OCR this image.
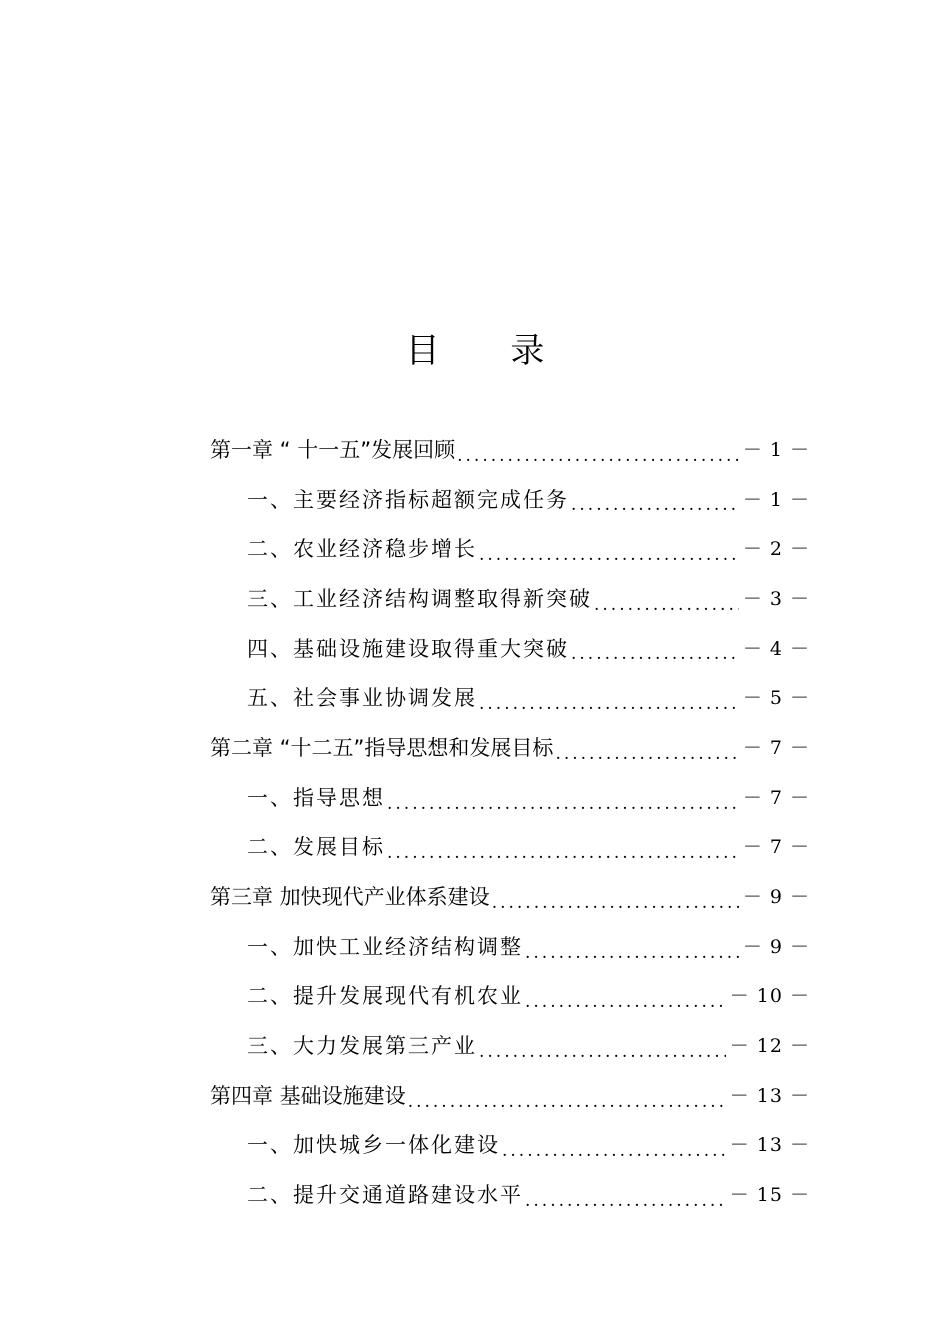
目 录
第一章 “ 十一五”发展回顾 .....	－ 1 －
一、主要经济指标超额完成任务 .....	－ 1 －
二、农业经济稳步增长 .....	－ 2 －
三、工业经济结构调整取得新突破 .....	－ 3 －
四、基础设施建设取得重大突破 .....	－ 4 －
五、社会事业协调发展 .....	－ 5 －
第二章 “十二五”指导思想和发展目标 .....	－ 7 －
一、指导思想 .....	－ 7 －
二、发展目标 .....	－ 7 －
第三章 加快现代产业体系建设 .....	－ 9 －
一、加快工业经济结构调整 .....	－ 9 －
二、提升发展现代有机农业 .....	－ 10 －
三、大力发展第三产业 .....	－ 12 －
第四章 基础设施建设 .....	－ 13 －
一、加快城乡一体化建设 .....	－ 13 －
二、提升交通道路建设水平 .....	－ 15 －
